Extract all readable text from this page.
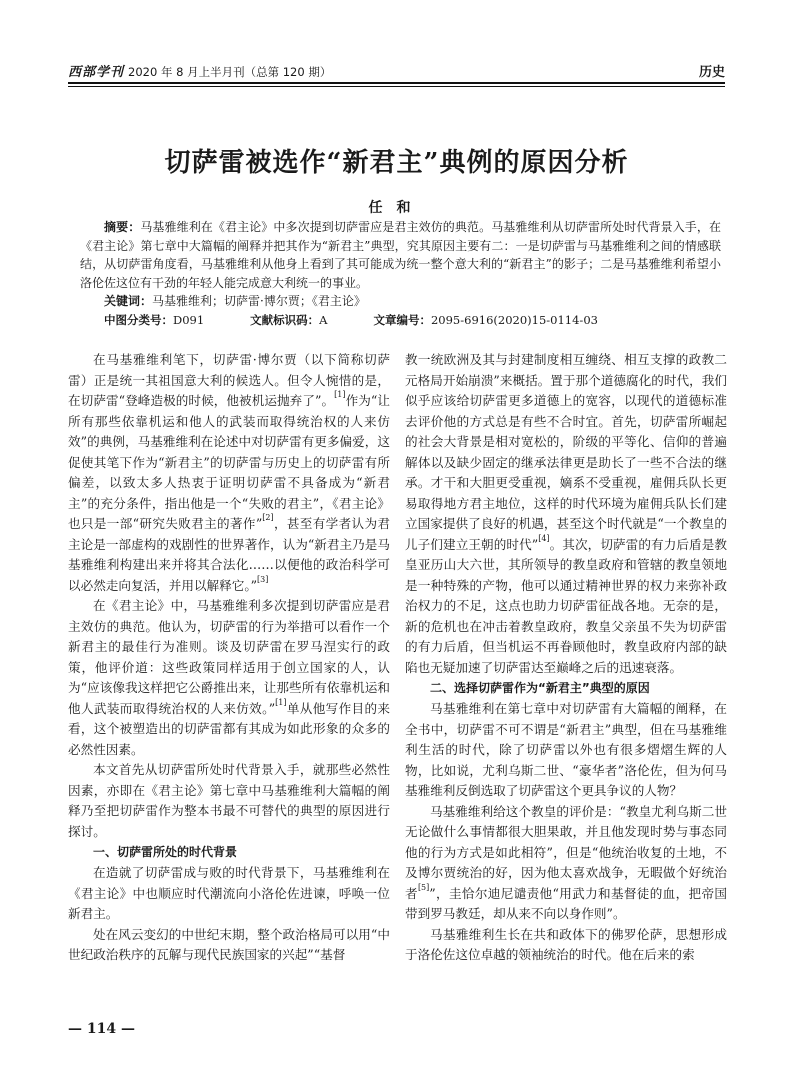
西部学刊 2020 年 8 月上半月刊（总第 120 期）	历史
切萨雷被选作“新君主”典例的原因分析
任和

摘要：马基雅维利在《君主论》中多次提到切萨雷应是君主效仿的典范。马基雅维利从切萨雷所处时代背景入手，在《君主论》第七章中大篇幅的阐释并把其作为“新君主”典型，究其原因主要有二：一是切萨雷与马基雅维利之间的情感联结，从切萨雷角度看，马基雅维利从他身上看到了其可能成为统一整个意大利的“新君主”的影子；二是马基雅维利希望小洛伦佐这位有干劲的年轻人能完成意大利统一的事业。

关键词：马基雅维利；切萨雷·博尔贾；《君主论》

中图分类号：D091	文献标识码：A	文章编号：2095-6916(2020)15-0114-03

在马基雅维利笔下，切萨雷·博尔贾（以下简称切萨雷）正是统一其祖国意大利的候选人。但令人惋惜的是，在切萨雷“登峰造极的时候，他被机运抛弃了”。[1]作为“让所有那些依靠机运和他人的武装而取得统治权的人来仿效”的典例，马基雅维利在论述中对切萨雷有更多偏爱，这促使其笔下作为“新君主”的切萨雷与历史上的切萨雷有所偏差，以致太多人热衷于证明切萨雷不具备成为“新君主”的充分条件，指出他是一个“失败的君主”，《君主论》也只是一部“研究失败君主的著作”[2]，甚至有学者认为君主论是一部虚构的戏剧性的世界著作，认为“新君主乃是马基雅维利构建出来并将其合法化……以便他的政治科学可以必然走向复活，并用以解释它。”[3]

在《君主论》中，马基雅维利多次提到切萨雷应是君主效仿的典范。他认为，切萨雷的行为举措可以看作一个新君主的最佳行为准则。谈及切萨雷在罗马涅实行的政策，他评价道：这些政策同样适用于创立国家的人，认为“应该像我这样把它公爵推出来，让那些所有依靠机运和他人武装而取得统治权的人来仿效。”[1]单从他写作目的来看，这个被塑造出的切萨雷都有其成为如此形象的众多的必然性因素。

本文首先从切萨雷所处时代背景入手，就那些必然性因素，亦即在《君主论》第七章中马基雅维利大篇幅的阐释乃至把切萨雷作为整本书最不可替代的典型的原因进行探讨。

一、切萨雷所处的时代背景

在造就了切萨雷成与败的时代背景下，马基雅维利在《君主论》中也顺应时代潮流向小洛伦佐进谏，呼唤一位新君主。

处在风云变幻的中世纪末期，整个政治格局可以用“中世纪政治秩序的瓦解与现代民族国家的兴起”“基督

教一统欧洲及其与封建制度相互缠绕、相互支撑的政教二元格局开始崩溃”来概括。置于那个道德腐化的时代，我们似乎应该给切萨雷更多道德上的宽容，以现代的道德标准去评价他的方式总是有些不合时宜。首先，切萨雷所崛起的社会大背景是相对宽松的，阶级的平等化、信仰的普遍解体以及缺少固定的继承法律更是助长了一些不合法的继承。才干和大胆更受重视，嫡系不受重视，雇佣兵队长更易取得地方君主地位，这样的时代环境为雇佣兵队长们建立国家提供了良好的机遇，甚至这个时代就是“一个教皇的儿子们建立王朝的时代”[4]。其次，切萨雷的有力后盾是教皇亚历山大六世，其所领导的教皇政府和管辖的教皇领地是一种特殊的产物，他可以通过精神世界的权力来弥补政治权力的不足，这点也助力切萨雷征战各地。无奈的是，新的危机也在冲击着教皇政府，教皇父亲虽不失为切萨雷的有力后盾，但当机运不再眷顾他时，教皇政府内部的缺陷也无疑加速了切萨雷达至巅峰之后的迅速衰落。

二、选择切萨雷作为“新君主”典型的原因

马基雅维利在第七章中对切萨雷有大篇幅的阐释，在全书中，切萨雷不可不谓是“新君主”典型，但在马基雅维利生活的时代，除了切萨雷以外也有很多熠熠生辉的人物，比如说，尤利乌斯二世、“豪华者”洛伦佐，但为何马基雅维利反倒选取了切萨雷这个更具争议的人物？

马基雅维利给这个教皇的评价是：“教皇尤利乌斯二世无论做什么事情都很大胆果敢，并且他发现时势与事态同他的行为方式是如此相符”，但是“他统治收复的土地，不及博尔贾统治的好，因为他太喜欢战争，无暇做个好统治者[5]”，圭恰尔迪尼谴责他“用武力和基督徒的血，把帝国带到罗马教廷，却从来不向以身作则”。

马基雅维利生长在共和政体下的佛罗伦萨，思想形成于洛伦佐这位卓越的领袖统治的时代。他在后来的索

— 114 —
